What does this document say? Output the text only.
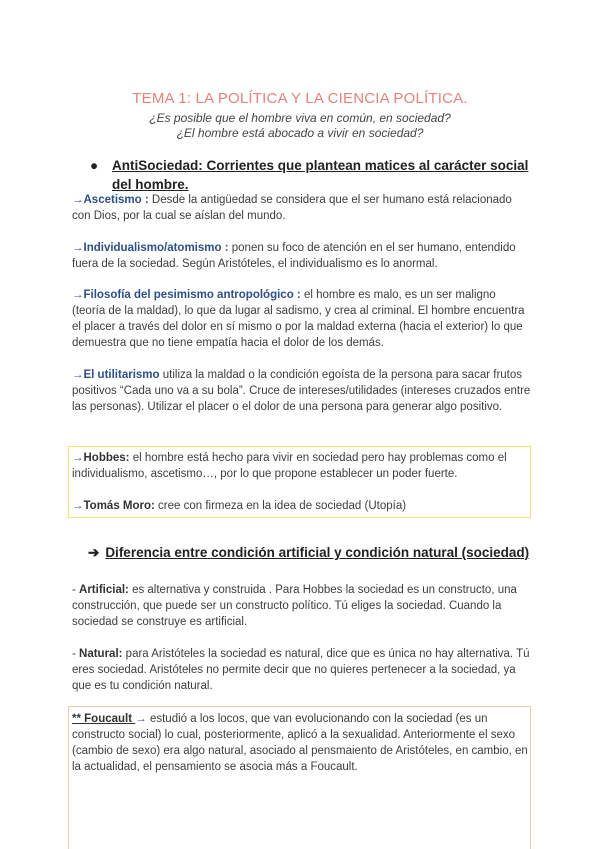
TEMA 1: LA POLÍTICA Y LA CIENCIA POLÍTICA.
¿Es posible que el hombre viva en común, en sociedad?
¿El hombre está abocado a vivir en sociedad?
● AntiSociedad: Corrientes que plantean matices al carácter social del hombre.
→Ascetismo : Desde la antigüedad se considera que el ser humano está relacionado con Dios, por la cual se aíslan del mundo.
→Individualismo/atomismo : ponen su foco de atención en el ser humano, entendido fuera de la sociedad. Según Aristóteles, el individualismo es lo anormal.
→Filosofía del pesimismo antropológico : el hombre es malo, es un ser maligno (teoría de la maldad), lo que da lugar al sadismo, y crea al criminal. El hombre encuentra el placer a través del dolor en sí mismo o por la maldad externa (hacia el exterior) lo que demuestra que no tiene empatía hacia el dolor de los demás.
→El utilitarismo utiliza la maldad o la condición egoísta de la persona para sacar frutos positivos “Cada uno va a su bola”. Cruce de intereses/utilidades (intereses cruzados entre las personas). Utilizar el placer o el dolor de una persona para generar algo positivo.
→Hobbes: el hombre está hecho para vivir en sociedad pero hay problemas como el individualismo, ascetismo…, por lo que propone establecer un poder fuerte.
→Tomás Moro: cree con firmeza en la idea de sociedad (Utopía)
➔ Diferencia entre condición artificial y condición natural (sociedad)
- Artificial: es alternativa y construida . Para Hobbes la sociedad es un constructo, una construcción, que puede ser un constructo político. Tú eliges la sociedad. Cuando la sociedad se construye es artificial.
- Natural: para Aristóteles la sociedad es natural, dice que es única no hay alternativa. Tú eres sociedad. Aristóteles no permite decir que no quieres pertenecer a la sociedad, ya que es tu condición natural.
** Foucault → estudió a los locos, que van evolucionando con la sociedad (es un constructo social) lo cual, posteriormente, aplicó a la sexualidad. Anteriormente el sexo (cambio de sexo) era algo natural, asociado al pensmaiento de Aristóteles, en cambio, en la actualidad, el pensamiento se asocia más a Foucault.
